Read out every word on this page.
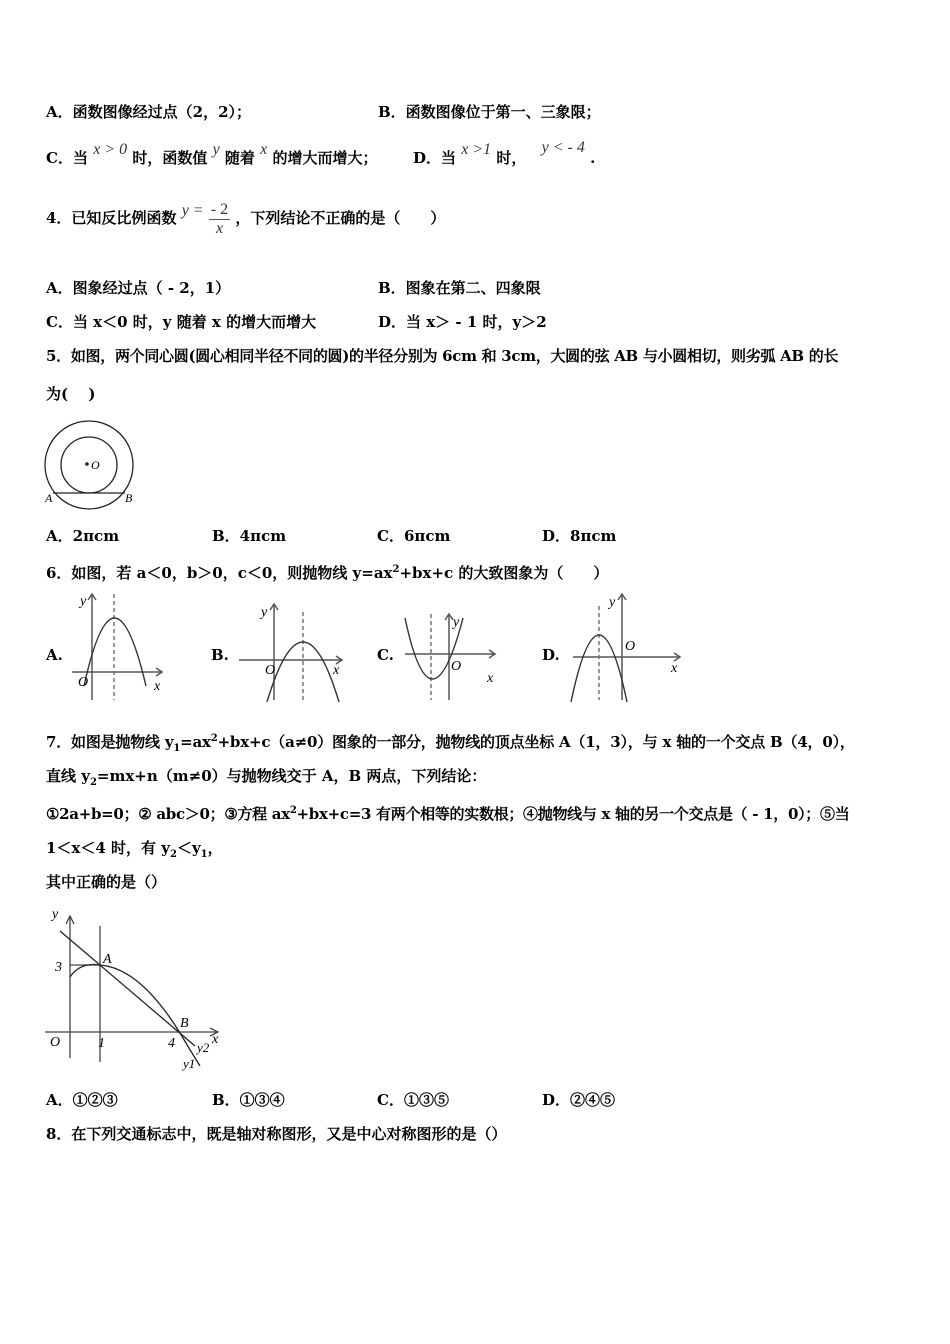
A．函数图像经过点（2，2）；	B．函数图像位于第一、三象限；
C．当 x > 0 时，函数值 y 随着 x 的增大而增大； D．当 x >1 时， y < - 4 .
4．已知反比例函数 $y = \frac{- 2}{x}$ ，下列结论不正确的是（　　）
A．图象经过点（ - 2，1）	B．图象在第二、四象限
C．当 x＜0 时，y 随着 x 的增大而增大	D．当 x＞ - 1 时，y＞2
5．如图，两个同心圆(圆心相同半径不同的圆)的半径分别为 6cm 和 3cm，大圆的弦 AB 与小圆相切，则劣弧 AB 的长
为(　 )
O
A	B
A．2πcm	B．4πcm	C．6πcm	D．8πcm
6．如图，若 a＜0，b＞0，c＜0，则抛物线 $y=ax^2+bx+c$ 的大致图象为（　　）
A.
y
x
O
B.
y
x
O
C.
y
x
O
D.
y
x
O
7．如图是抛物线 $y_1=ax^2+bx+c(a\ne 0)$图象的一部分，抛物线的顶点坐标 A（1，3），与 x 轴的一个交点 B（4，0），
直线 $y_2=mx+n(m\ne 0)$与抛物线交于 A，B 两点，下列结论：
①2a+b=0；② abc＞0；③方程 $ax^2+bx+c=3$ 有两个相等的实数根；④抛物线与 x 轴的另一个交点是（ - 1，0）；⑤当
1＜x＜4 时，有 $y_2<y_1$，
其中正确的是（）
y
x
O	1	4
3
A
B
y2
y1
A．①②③	B．①③④	C．①③⑤	D．②④⑤
8．在下列交通标志中，既是轴对称图形，又是中心对称图形的是（）
